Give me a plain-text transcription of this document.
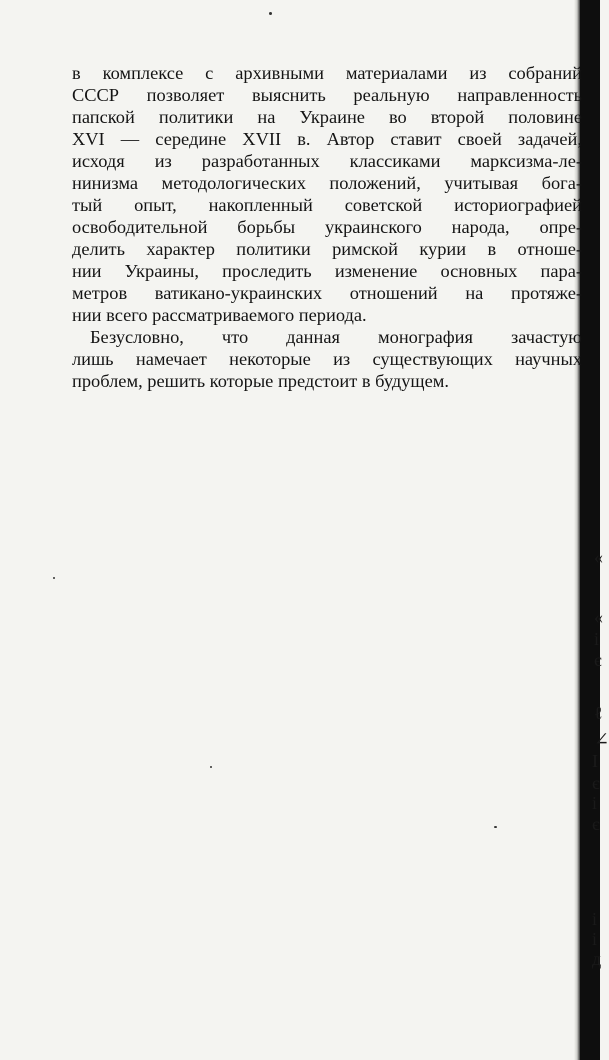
в комплексе с архивными материалами из собраний
СССР позволяет выяснить реальную направленность
папской политики на Украине во второй половине
XVI — середине XVII в. Автор ставит своей задачей,
исходя из разработанных классиками марксизма-ле-
нинизма методологических положений, учитывая бога-
тый опыт, накопленный советской историографией
освободительной борьбы украинского народа, опре-
делить характер политики римской курии в отноше-
нии Украины, проследить изменение основных пара-
метров ватикано-украинских отношений на протяже-
нии всего рассматриваемого периода.

Безусловно, что данная монография зачастую
лишь намечает некоторые из существующих научных
проблем, решить которые предстоит в будущем.

«
«
і
є
ℓ
∠
I
є
і
є
і
і
д
